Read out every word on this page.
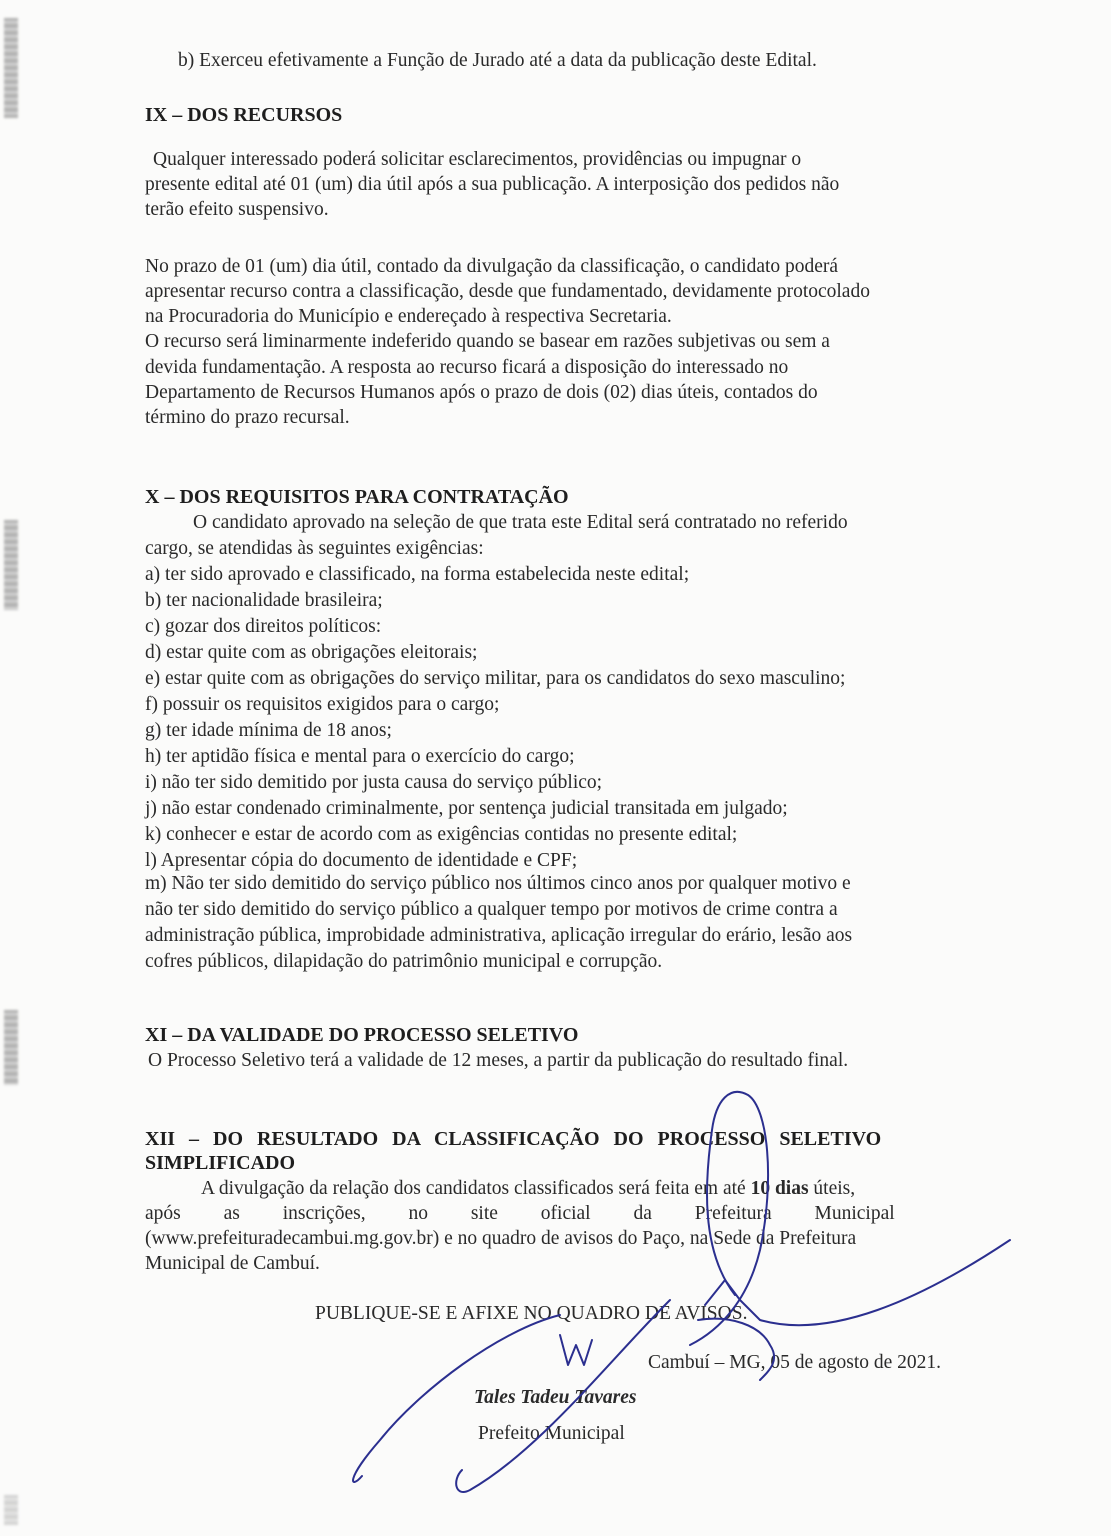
b) Exerceu efetivamente a Função de Jurado até a data da publicação deste Edital.
IX – DOS RECURSOS
Qualquer interessado poderá solicitar esclarecimentos, providências ou impugnar o
presente edital até 01 (um) dia útil após a sua publicação. A interposição dos pedidos não
terão efeito suspensivo.
No prazo de 01 (um) dia útil, contado da divulgação da classificação, o candidato poderá
apresentar recurso contra a classificação, desde que fundamentado, devidamente protocolado
na Procuradoria do Município e endereçado à respectiva Secretaria.
O recurso será liminarmente indeferido quando se basear em razões subjetivas ou sem a
devida fundamentação. A resposta ao recurso ficará a disposição do interessado no
Departamento de Recursos Humanos após o prazo de dois (02) dias úteis, contados do
término do prazo recursal.
X – DOS REQUISITOS PARA CONTRATAÇÃO
O candidato aprovado na seleção de que trata este Edital será contratado no referido
cargo, se atendidas às seguintes exigências:
a) ter sido aprovado e classificado, na forma estabelecida neste edital;
b) ter nacionalidade brasileira;
c) gozar dos direitos políticos:
d) estar quite com as obrigações eleitorais;
e) estar quite com as obrigações do serviço militar, para os candidatos do sexo masculino;
f) possuir os requisitos exigidos para o cargo;
g) ter idade mínima de 18 anos;
h) ter aptidão física e mental para o exercício do cargo;
i) não ter sido demitido por justa causa do serviço público;
j) não estar condenado criminalmente, por sentença judicial transitada em julgado;
k) conhecer e estar de acordo com as exigências contidas no presente edital;
l) Apresentar cópia do documento de identidade e CPF;
m) Não ter sido demitido do serviço público nos últimos cinco anos por qualquer motivo e
não ter sido demitido do serviço público a qualquer tempo por motivos de crime contra a
administração pública, improbidade administrativa, aplicação irregular do erário, lesão aos
cofres públicos, dilapidação do patrimônio municipal e corrupção.
XI – DA VALIDADE DO PROCESSO SELETIVO
O Processo Seletivo terá a validade de 12 meses, a partir da publicação do resultado final.
XII – DO RESULTADO DA CLASSIFICAÇÃO DO PROCESSO SELETIVO
SIMPLIFICADO
A divulgação da relação dos candidatos classificados será feita em até 10 dias úteis,
após as inscrições, no site oficial da Prefeitura Municipal
(www.prefeituradecambui.mg.gov.br) e no quadro de avisos do Paço, na Sede da Prefeitura
Municipal de Cambuí.
PUBLIQUE-SE E AFIXE NO QUADRO DE AVISOS.
Cambuí – MG, 05 de agosto de 2021.
Tales Tadeu Tavares
Prefeito Municipal
